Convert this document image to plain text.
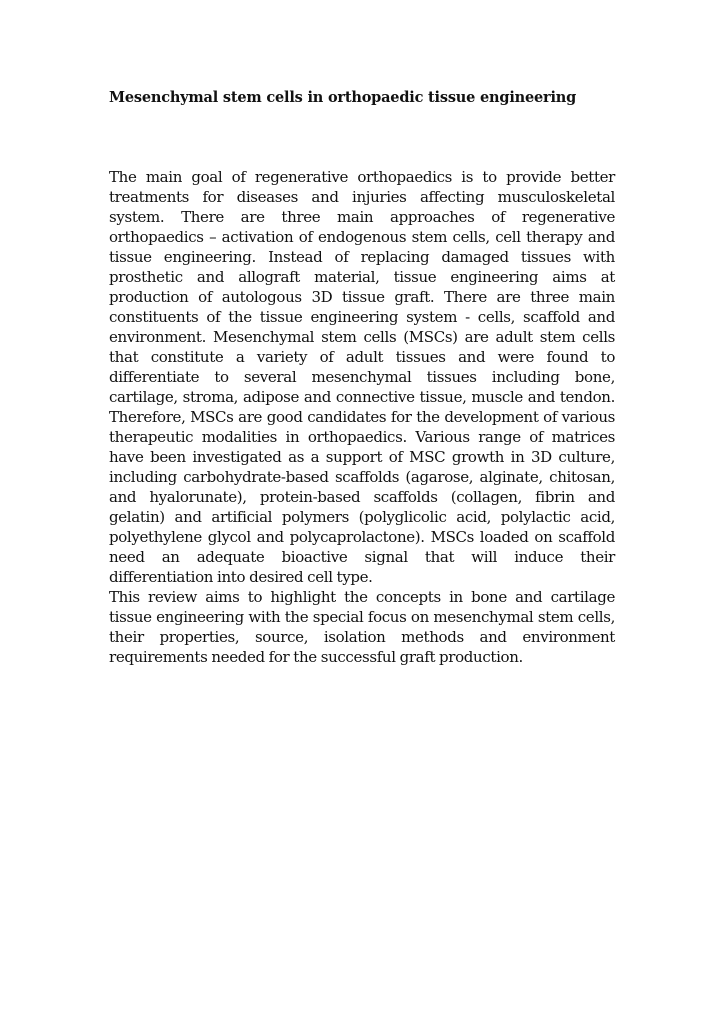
Mesenchymal stem cells in orthopaedic tissue engineering

The main goal of regenerative orthopaedics is to provide better treatments for diseases and injuries affecting musculoskeletal system. There are three main approaches of regenerative orthopaedics – activation of endogenous stem cells, cell therapy and tissue engineering. Instead of replacing damaged tissues with prosthetic and allograft material, tissue engineering aims at production of autologous 3D tissue graft. There are three main constituents of the tissue engineering system - cells, scaffold and environment. Mesenchymal stem cells (MSCs) are adult stem cells that constitute a variety of adult tissues and were found to differentiate to several mesenchymal tissues including bone, cartilage, stroma, adipose and connective tissue, muscle and tendon. Therefore, MSCs are good candidates for the development of various therapeutic modalities in orthopaedics. Various range of matrices have been investigated as a support of MSC growth in 3D culture, including carbohydrate-based scaffolds (agarose, alginate, chitosan, and hyalorunate), protein-based scaffolds (collagen, fibrin and gelatin) and artificial polymers (polyglicolic acid, polylactic acid, polyethylene glycol and polycaprolactone). MSCs loaded on scaffold need an adequate bioactive signal that will induce their differentiation into desired cell type.

This review aims to highlight the concepts in bone and cartilage tissue engineering with the special focus on mesenchymal stem cells, their properties, source, isolation methods and environment requirements needed for the successful graft production.
